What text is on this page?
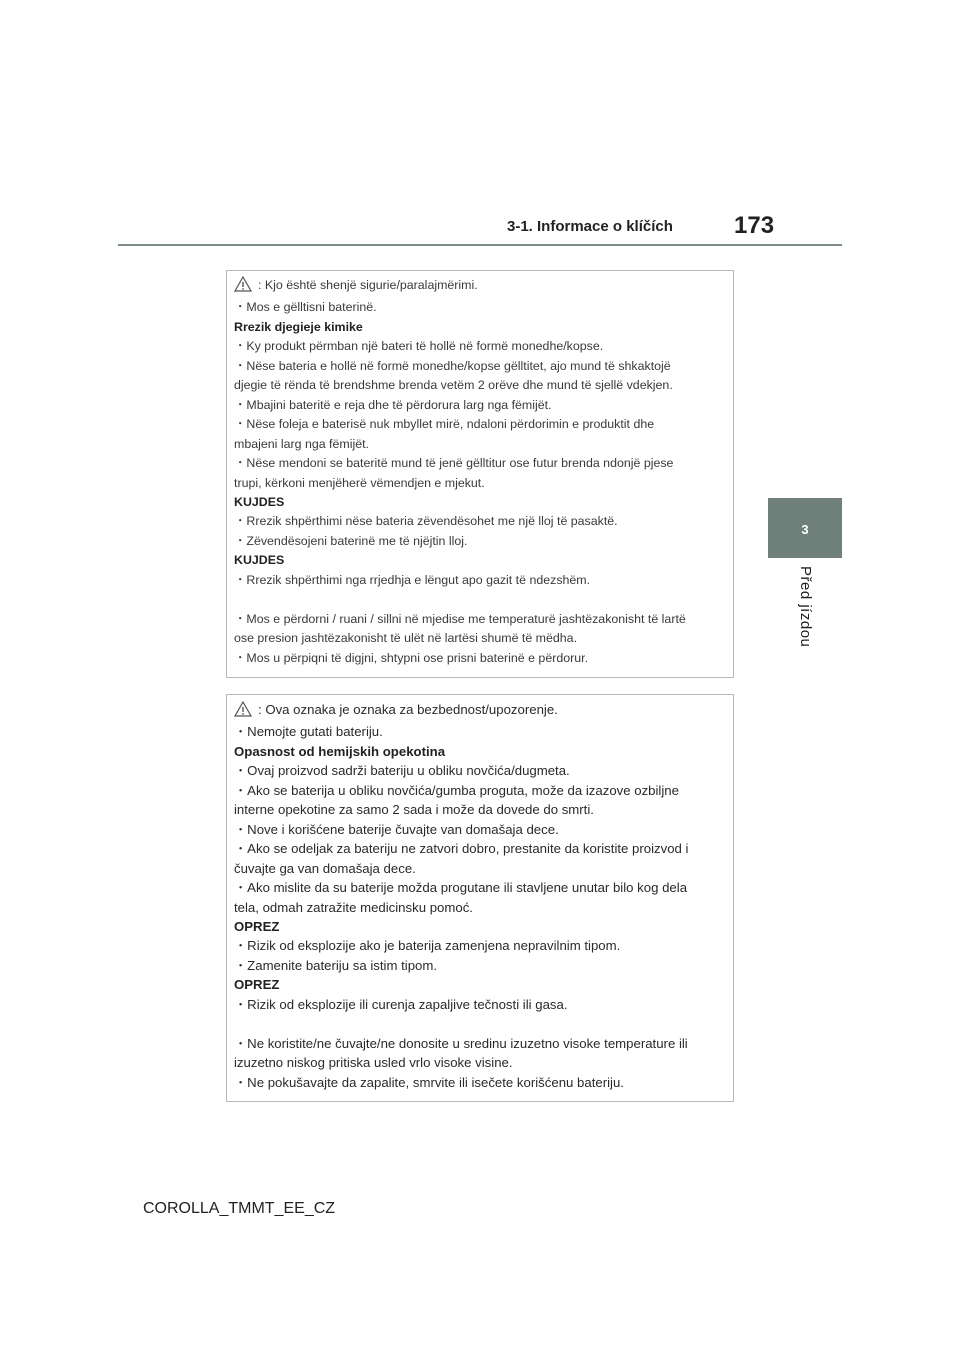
3-1. Informace o klíčích	173
3
Před jízdou
: Kjo është shenjë sigurie/paralajmërimi.
・Mos e gëlltisni baterinë.
Rrezik djegieje kimike
・Ky produkt përmban një bateri të hollë në formë monedhe/kopse.
・Nëse bateria e hollë në formë monedhe/kopse gëlltitet, ajo mund të shkaktojë
djegie të rënda të brendshme brenda vetëm 2 orëve dhe mund të sjellë vdekjen.
・Mbajini bateritë e reja dhe të përdorura larg nga fëmijët.
・Nëse foleja e baterisë nuk mbyllet mirë, ndaloni përdorimin e produktit dhe
mbajeni larg nga fëmijët.
・Nëse mendoni se bateritë mund të jenë gëlltitur ose futur brenda ndonjë pjese
trupi, kërkoni menjëherë vëmendjen e mjekut.
KUJDES
・Rrezik shpërthimi nëse bateria zëvendësohet me një lloj të pasaktë.
・Zëvendësojeni baterinë me të njëjtin lloj.
KUJDES
・Rrezik shpërthimi nga rrjedhja e lëngut apo gazit të ndezshëm.
・Mos e përdorni / ruani / sillni në mjedise me temperaturë jashtëzakonisht të lartë
ose presion jashtëzakonisht të ulët në lartësi shumë të mëdha.
・Mos u përpiqni të digjni, shtypni ose prisni baterinë e përdorur.
: Ova oznaka je oznaka za bezbednost/upozorenje.
・Nemojte gutati bateriju.
Opasnost od hemijskih opekotina
・Ovaj proizvod sadrži bateriju u obliku novčića/dugmeta.
・Ako se baterija u obliku novčića/gumba proguta, može da izazove ozbiljne
interne opekotine za samo 2 sada i može da dovede do smrti.
・Nove i korišćene baterije čuvajte van domašaja dece.
・Ako se odeljak za bateriju ne zatvori dobro, prestanite da koristite proizvod i
čuvajte ga van domašaja dece.
・Ako mislite da su baterije možda progutane ili stavljene unutar bilo kog dela
tela, odmah zatražite medicinsku pomoć.
OPREZ
・Rizik od eksplozije ako je baterija zamenjena nepravilnim tipom.
・Zamenite bateriju sa istim tipom.
OPREZ
・Rizik od eksplozije ili curenja zapaljive tečnosti ili gasa.
・Ne koristite/ne čuvajte/ne donosite u sredinu izuzetno visoke temperature ili
izuzetno niskog pritiska usled vrlo visoke visine.
・Ne pokušavajte da zapalite, smrvite ili isečete korišćenu bateriju.
COROLLA_TMMT_EE_CZ
